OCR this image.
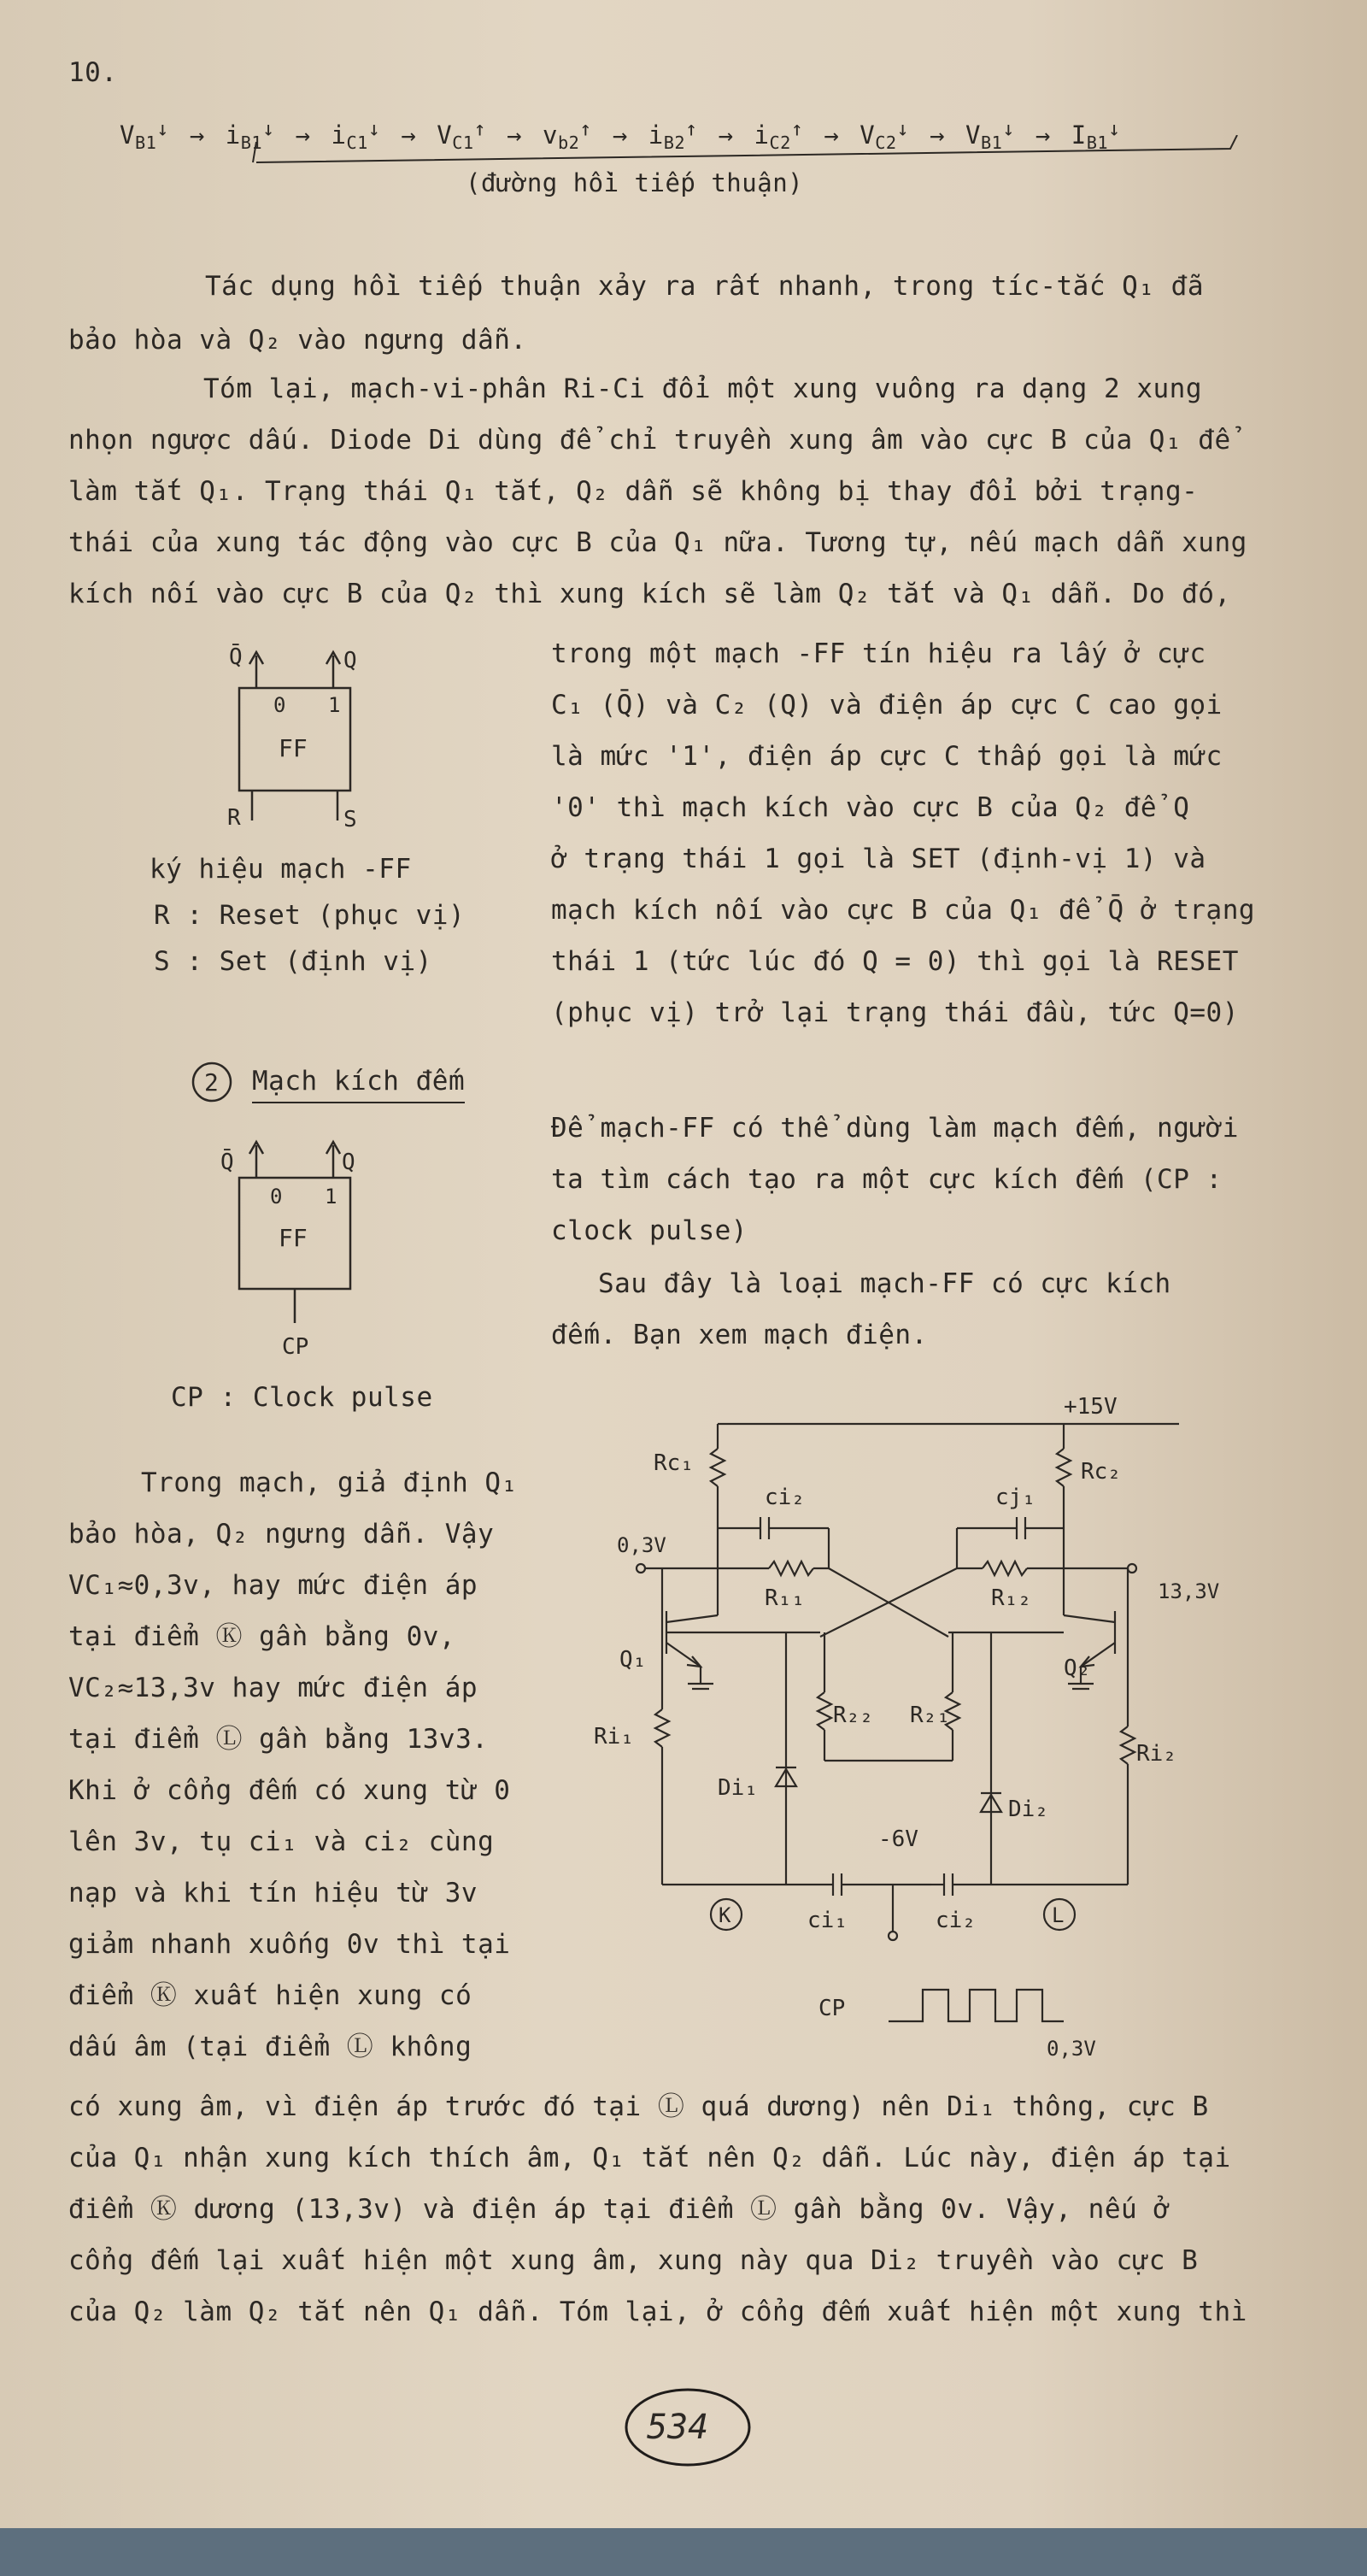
10.
$V_{B1}^↓ \to i_{B1}^↓ \to i_{C1}^↓ \to V_{C1}^↑ \to v_{b2}^↑ \to i_{B2}^↑ \to i_{C2}^↑ \to V_{C2}^↓ \to V_{B1}^↓ \to I_{B1}^↓$
(đường hồi tiếp thuận)
Tác dụng hồi tiếp thuận xảy ra rất nhanh, trong tíc-tắc Q₁ đã
bảo hòa và Q₂ vào ngưng dẫn.
Tóm lại, mạch-vi-phân Ri-Ci đổi một xung vuông ra dạng 2 xung
nhọn ngược dấu. Diode Di dùng để chỉ truyền xung âm vào cực B của Q₁ để
làm tắt Q₁. Trạng thái Q₁ tắt, Q₂ dẫn sẽ không bị thay đổi bởi trạng-
thái của xung tác động vào cực B của Q₁ nữa. Tương tự, nếu mạch dẫn xung
kích nối vào cực B của Q₂ thì xung kích sẽ làm Q₂ tắt và Q₁ dẫn. Do đó,
Q̄	Q
0 1
FF
R	S
ký hiệu mạch -FF
R : Reset (phục vị)
S : Set (định vị)
trong một mạch -FF tín hiệu ra lấy ở cực
C₁ (Q̄) và C₂ (Q) và điện áp cực C cao gọi
là mức '1', điện áp cực C thấp gọi là mức
'0' thì mạch kích vào cực B của Q₂ để Q
ở trạng thái 1 gọi là SET (định-vị 1) và
mạch kích nối vào cực B của Q₁ để Q̄ ở trạng
thái 1 (tức lúc đó Q = 0) thì gọi là RESET
(phục vị) trở lại trạng thái đầu, tức Q=0)
2 Mạch kích đếm
Q̄	Q
0 1
FF
CP
CP : Clock pulse
Để mạch-FF có thể dùng làm mạch đếm, người
ta tìm cách tạo ra một cực kích đếm (CP :
clock pulse)
Sau đây là loại mạch-FF có cực kích
đếm. Bạn xem mạch điện.
+15V
Rc₁	Rc₂
ci₂	cj₁
0,3V
13,3V
R₁₁	R₁₂
Q₁	Q₂
R₂₂ R₂₁
Ri₁
Ri₂
Di₁
Di₂
-6V
K	L
ci₁	ci₂
CP
0,3V
Trong mạch, giả định Q₁
bảo hòa, Q₂ ngưng dẫn. Vậy
VC₁≈0,3v, hay mức điện áp
tại điểm Ⓚ gần bằng 0v,
VC₂≈13,3v hay mức điện áp
tại điểm Ⓛ gần bằng 13v3.
Khi ở cổng đếm có xung từ 0
lên 3v, tụ ci₁ và ci₂ cùng
nạp và khi tín hiệu từ 3v
giảm nhanh xuống 0v thì tại
điểm Ⓚ xuất hiện xung có
dấu âm (tại điểm Ⓛ không
có xung âm, vì điện áp trước đó tại Ⓛ quá dương) nên Di₁ thông, cực B
của Q₁ nhận xung kích thích âm, Q₁ tắt nên Q₂ dẫn. Lúc này, điện áp tại
điểm Ⓚ dương (13,3v) và điện áp tại điểm Ⓛ gần bằng 0v. Vậy, nếu ở
cổng đếm lại xuất hiện một xung âm, xung này qua Di₂ truyền vào cực B
của Q₂ làm Q₂ tắt nên Q₁ dẫn. Tóm lại, ở cổng đếm xuất hiện một xung thì
534
